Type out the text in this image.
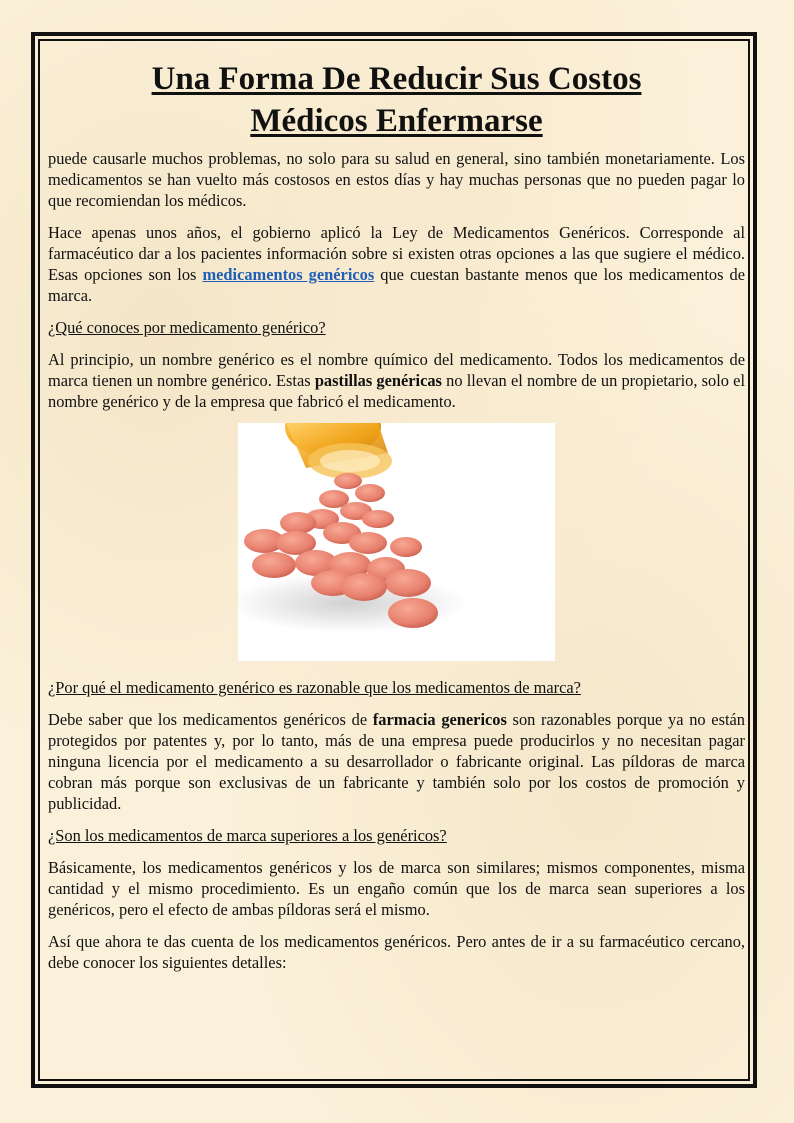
Una Forma De Reducir Sus Costos
Médicos Enfermarse

puede causarle muchos problemas, no solo para su salud en general, sino también monetariamente. Los medicamentos se han vuelto más costosos en estos días y hay muchas personas que no pueden pagar lo que recomiendan los médicos.

Hace apenas unos años, el gobierno aplicó la Ley de Medicamentos Genéricos. Corresponde al farmacéutico dar a los pacientes información sobre si existen otras opciones a las que sugiere el médico. Esas opciones son los medicamentos genéricos que cuestan bastante menos que los medicamentos de marca.

¿Qué conoces por medicamento genérico?

Al principio, un nombre genérico es el nombre químico del medicamento. Todos los medicamentos de marca tienen un nombre genérico. Estas pastillas genéricas no llevan el nombre de un propietario, solo el nombre genérico y de la empresa que fabricó el medicamento.

¿Por qué el medicamento genérico es razonable que los medicamentos de marca?

Debe saber que los medicamentos genéricos de farmacia genericos son razonables porque ya no están protegidos por patentes y, por lo tanto, más de una empresa puede producirlos y no necesitan pagar ninguna licencia por el medicamento a su desarrollador o fabricante original. Las píldoras de marca cobran más porque son exclusivas de un fabricante y también solo por los costos de promoción y publicidad.

¿Son los medicamentos de marca superiores a los genéricos?

Básicamente, los medicamentos genéricos y los de marca son similares; mismos componentes, misma cantidad y el mismo procedimiento. Es un engaño común que los de marca sean superiores a los genéricos, pero el efecto de ambas píldoras será el mismo.

Así que ahora te das cuenta de los medicamentos genéricos. Pero antes de ir a su farmacéutico cercano, debe conocer los siguientes detalles:
